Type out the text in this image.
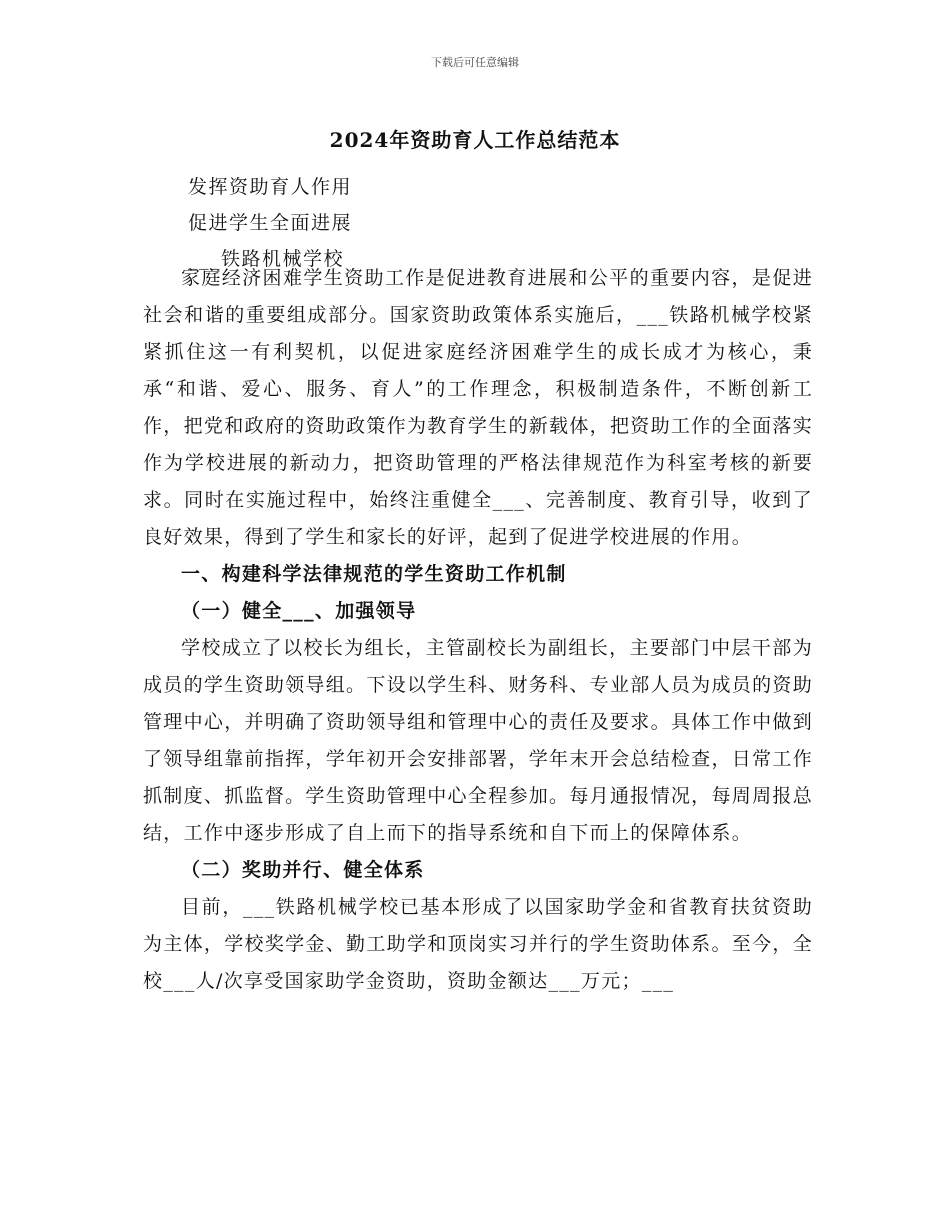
下载后可任意编辑
2024年资助育人工作总结范本
发挥资助育人作用
促进学生全面进展
___铁路机械学校

家庭经济困难学生资助工作是促进教育进展和公平的重要内容，是促进社会和谐的重要组成部分。国家资助政策体系实施后，___铁路机械学校紧紧抓住这一有利契机，以促进家庭经济困难学生的成长成才为核心，秉承“和谐、爱心、服务、育人”的工作理念，积极制造条件，不断创新工作，把党和政府的资助政策作为教育学生的新载体，把资助工作的全面落实作为学校进展的新动力，把资助管理的严格法律规范作为科室考核的新要求。同时在实施过程中，始终注重健全___、完善制度、教育引导，收到了良好效果，得到了学生和家长的好评，起到了促进学校进展的作用。

一、构建科学法律规范的学生资助工作机制

（一）健全___、加强领导

学校成立了以校长为组长，主管副校长为副组长，主要部门中层干部为成员的学生资助领导组。下设以学生科、财务科、专业部人员为成员的资助管理中心，并明确了资助领导组和管理中心的责任及要求。具体工作中做到了领导组靠前指挥，学年初开会安排部署，学年末开会总结检查，日常工作抓制度、抓监督。学生资助管理中心全程参加。每月通报情况，每周周报总结，工作中逐步形成了自上而下的指导系统和自下而上的保障体系。

（二）奖助并行、健全体系

目前，___铁路机械学校已基本形成了以国家助学金和省教育扶贫资助为主体，学校奖学金、勤工助学和顶岗实习并行的学生资助体系。至今，全校___人/次享受国家助学金资助，资助金额达___万元；___
